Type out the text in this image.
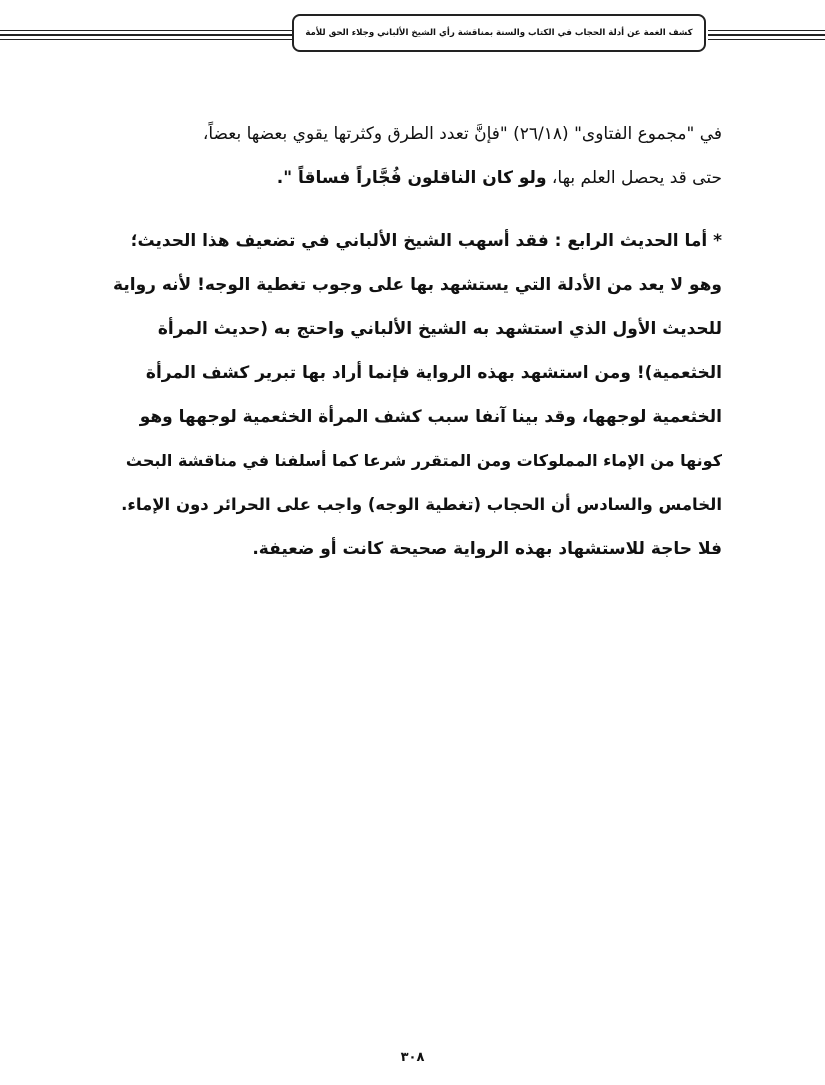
كشف الغمة عن أدلة الحجاب في الكتاب والسنة بمناقشة رأي الشيخ الألباني وجلاء الحق للأمة
في "مجموع الفتاوى" (٢٦/١٨) "فإنَّ تعدد الطرق وكثرتها يقوي بعضها بعضاً،
حتى قد يحصل العلم بها، ولو كان الناقلون فُجَّاراً فساقاً ".
* أما الحديث الرابع : فقد أسهب الشيخ الألباني في تضعيف هذا الحديث؛
وهو لا يعد من الأدلة التي يستشهد بها على وجوب تغطية الوجه! لأنه رواية
للحديث الأول الذي استشهد به الشيخ الألباني واحتج به (حديث المرأة
الخثعمية)! ومن استشهد بهذه الرواية فإنما أراد بها تبرير كشف المرأة
الخثعمية لوجهها، وقد بينا آنفا سبب كشف المرأة الخثعمية لوجهها وهو
كونها من الإماء المملوكات ومن المتقرر شرعا كما أسلفنا في مناقشة البحث
الخامس والسادس أن الحجاب (تغطية الوجه) واجب على الحرائر دون الإماء.
فلا حاجة للاستشهاد بهذه الرواية صحيحة كانت أو ضعيفة.
٣٠٨
